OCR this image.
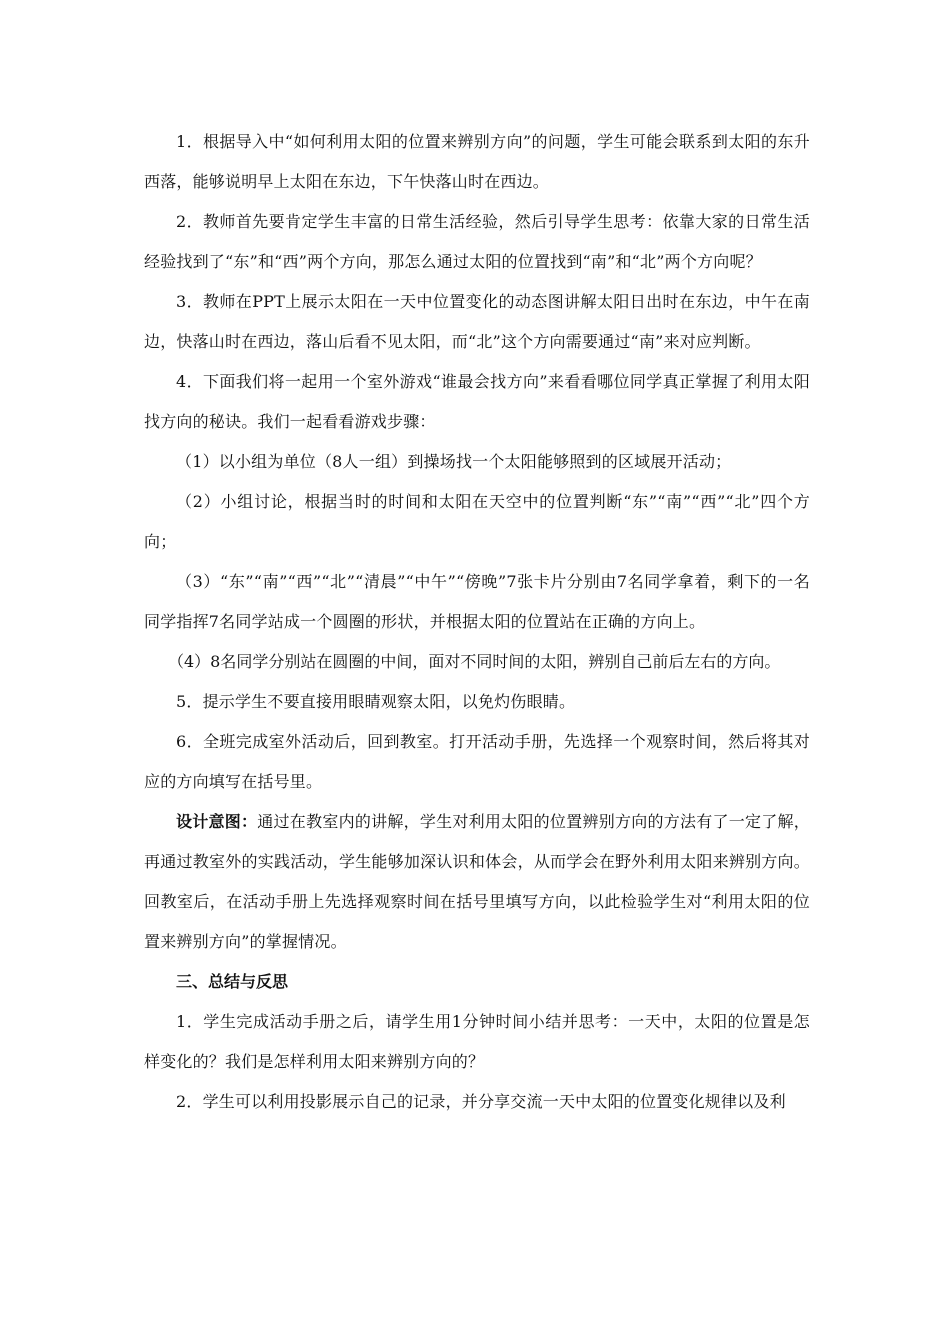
1．根据导入中“如何利用太阳的位置来辨别方向”的问题，学生可能会联系到太阳的东升西落，能够说明早上太阳在东边，下午快落山时在西边。

2．教师首先要肯定学生丰富的日常生活经验，然后引导学生思考：依靠大家的日常生活经验找到了“东”和“西”两个方向，那怎么通过太阳的位置找到“南”和“北”两个方向呢？

3．教师在PPT上展示太阳在一天中位置变化的动态图讲解太阳日出时在东边，中午在南边，快落山时在西边，落山后看不见太阳，而“北”这个方向需要通过“南”来对应判断。

4．下面我们将一起用一个室外游戏“谁最会找方向”来看看哪位同学真正掌握了利用太阳找方向的秘诀。我们一起看看游戏步骤：

（1）以小组为单位（8人一组）到操场找一个太阳能够照到的区域展开活动；

（2）小组讨论，根据当时的时间和太阳在天空中的位置判断“东”“南”“西”“北”四个方向；

（3）“东”“南”“西”“北”“清晨”“中午”“傍晚”7张卡片分别由7名同学拿着，剩下的一名同学指挥7名同学站成一个圆圈的形状，并根据太阳的位置站在正确的方向上。

（4）8名同学分别站在圆圈的中间，面对不同时间的太阳，辨别自己前后左右的方向。

5．提示学生不要直接用眼睛观察太阳，以免灼伤眼睛。

6．全班完成室外活动后，回到教室。打开活动手册，先选择一个观察时间，然后将其对应的方向填写在括号里。

设计意图：通过在教室内的讲解，学生对利用太阳的位置辨别方向的方法有了一定了解，再通过教室外的实践活动，学生能够加深认识和体会，从而学会在野外利用太阳来辨别方向。回教室后，在活动手册上先选择观察时间在括号里填写方向，以此检验学生对“利用太阳的位置来辨别方向”的掌握情况。

三、总结与反思

1．学生完成活动手册之后，请学生用1分钟时间小结并思考：一天中，太阳的位置是怎样变化的？我们是怎样利用太阳来辨别方向的？

2．学生可以利用投影展示自己的记录，并分享交流一天中太阳的位置变化规律以及利
